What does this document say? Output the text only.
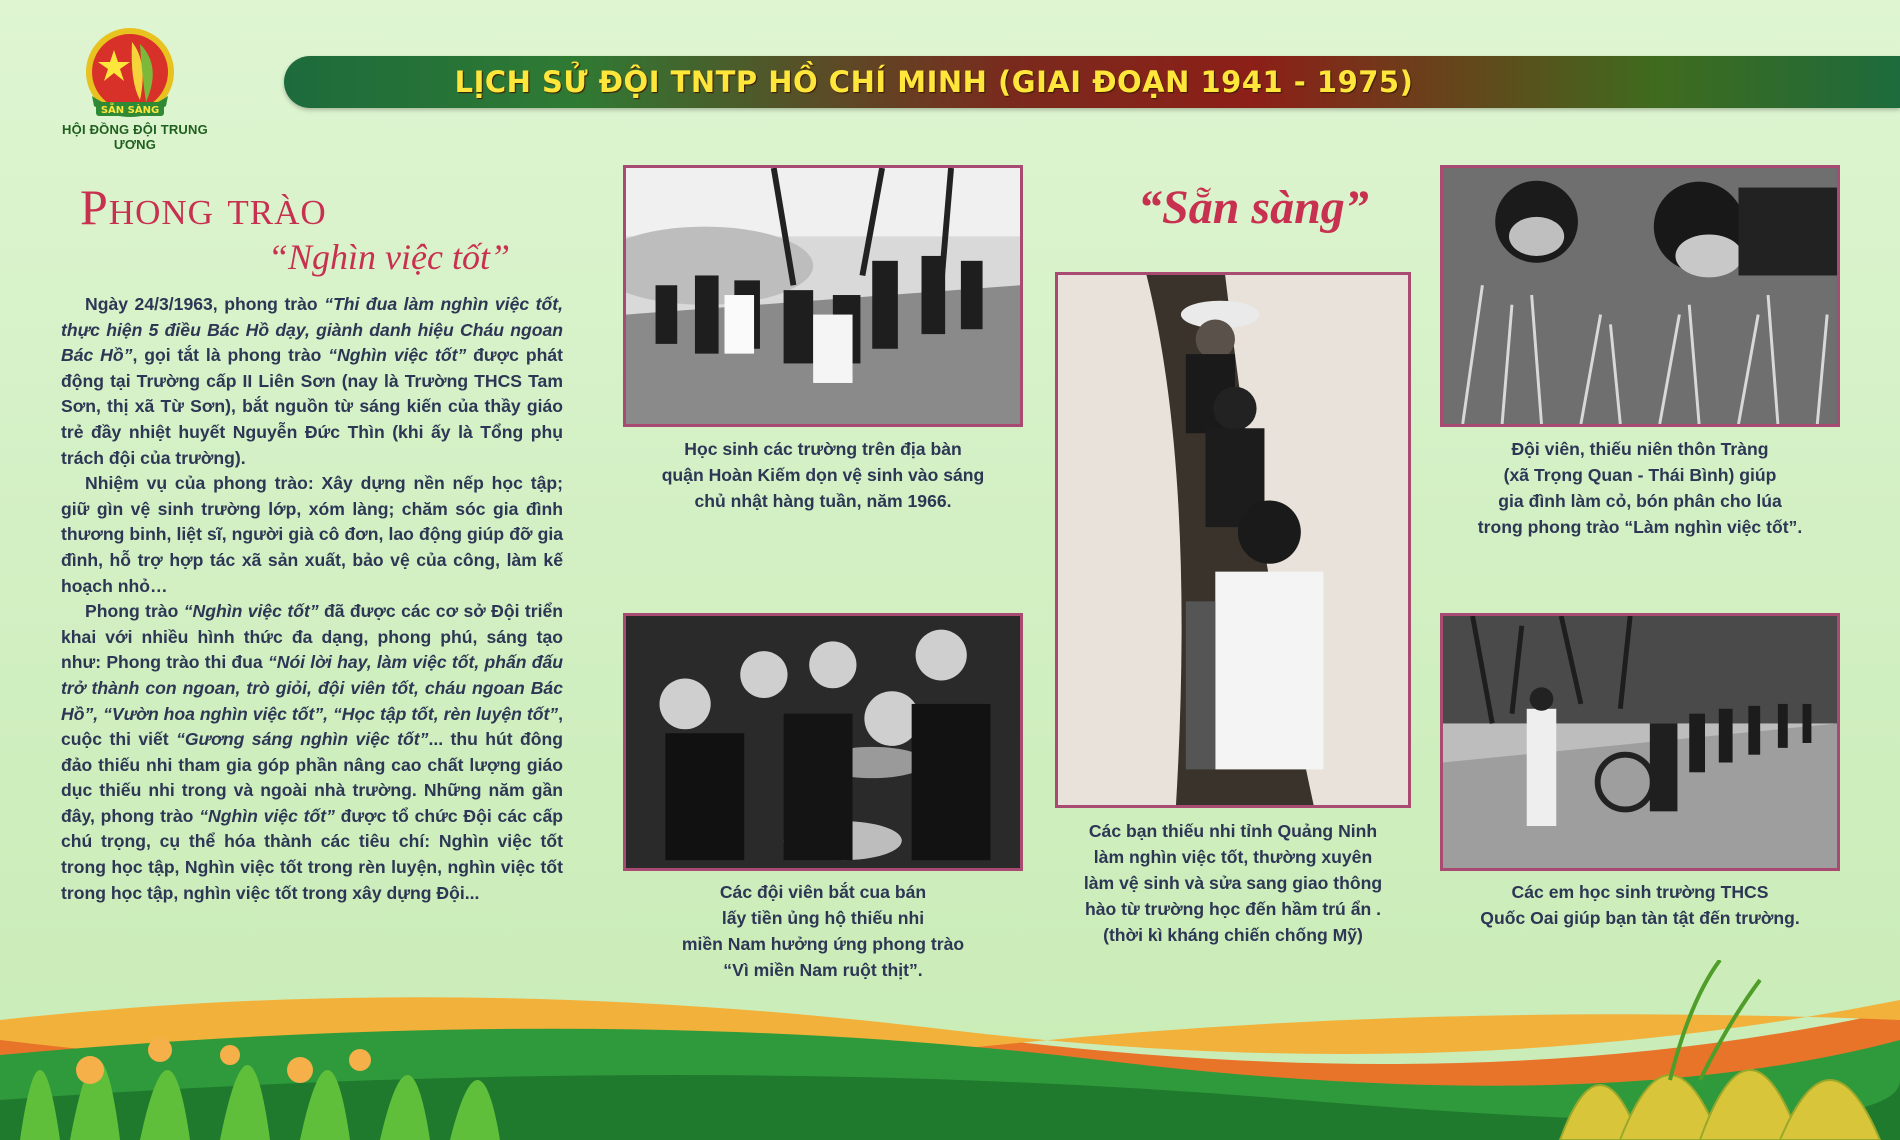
SẴN SÀNG
HỘI ĐỒNG ĐỘI TRUNG ƯƠNG
LỊCH SỬ ĐỘI TNTP HỒ CHÍ MINH (GIAI ĐOẠN 1941 - 1975)
Phong trào
“Nghìn việc tốt”

Ngày 24/3/1963, phong trào “Thi đua làm nghìn việc tốt, thực hiện 5 điều Bác Hồ dạy, giành danh hiệu Cháu ngoan Bác Hồ”, gọi tắt là phong trào “Nghìn việc tốt” được phát động tại Trường cấp II Liên Sơn (nay là Trường THCS Tam Sơn, thị xã Từ Sơn), bắt nguồn từ sáng kiến của thầy giáo trẻ đầy nhiệt huyết Nguyễn Đức Thìn (khi ấy là Tổng phụ trách đội của trường).

Nhiệm vụ của phong trào: Xây dựng nền nếp học tập; giữ gìn vệ sinh trường lớp, xóm làng; chăm sóc gia đình thương binh, liệt sĩ, người già cô đơn, lao động giúp đỡ gia đình, hỗ trợ hợp tác xã sản xuất, bảo vệ của công, làm kế hoạch nhỏ…

Phong trào “Nghìn việc tốt” đã được các cơ sở Đội triển khai với nhiều hình thức đa dạng, phong phú, sáng tạo như: Phong trào thi đua “Nói lời hay, làm việc tốt, phấn đấu trở thành con ngoan, trò giỏi, đội viên tốt, cháu ngoan Bác Hồ”, “Vườn hoa nghìn việc tốt”, “Học tập tốt, rèn luyện tốt”, cuộc thi viết “Gương sáng nghìn việc tốt”... thu hút đông đảo thiếu nhi tham gia góp phần nâng cao chất lượng giáo dục thiếu nhi trong và ngoài nhà trường. Những năm gần đây, phong trào “Nghìn việc tốt” được tổ chức Đội các cấp chú trọng, cụ thể hóa thành các tiêu chí: Nghìn việc tốt trong học tập, Nghìn việc tốt trong rèn luyện, nghìn việc tốt trong học tập, nghìn việc tốt trong xây dựng Đội...

Học sinh các trường trên địa bàn
quận Hoàn Kiếm dọn vệ sinh vào sáng
chủ nhật hàng tuần, năm 1966.
Các đội viên bắt cua bán
lấy tiền ủng hộ thiếu nhi
miền Nam hưởng ứng phong trào
“Vì miền Nam ruột thịt”.
“Sẵn sàng”
Các bạn thiếu nhi tỉnh Quảng Ninh
làm nghìn việc tốt, thường xuyên
làm vệ sinh và sửa sang giao thông
hào từ trường học đến hầm trú ẩn .
(thời kì kháng chiến chống Mỹ)
Đội viên, thiếu niên thôn Tràng
(xã Trọng Quan - Thái Bình) giúp
gia đình làm cỏ, bón phân cho lúa
trong phong trào “Làm nghìn việc tốt”.
Các em học sinh trường THCS
Quốc Oai giúp bạn tàn tật đến trường.
